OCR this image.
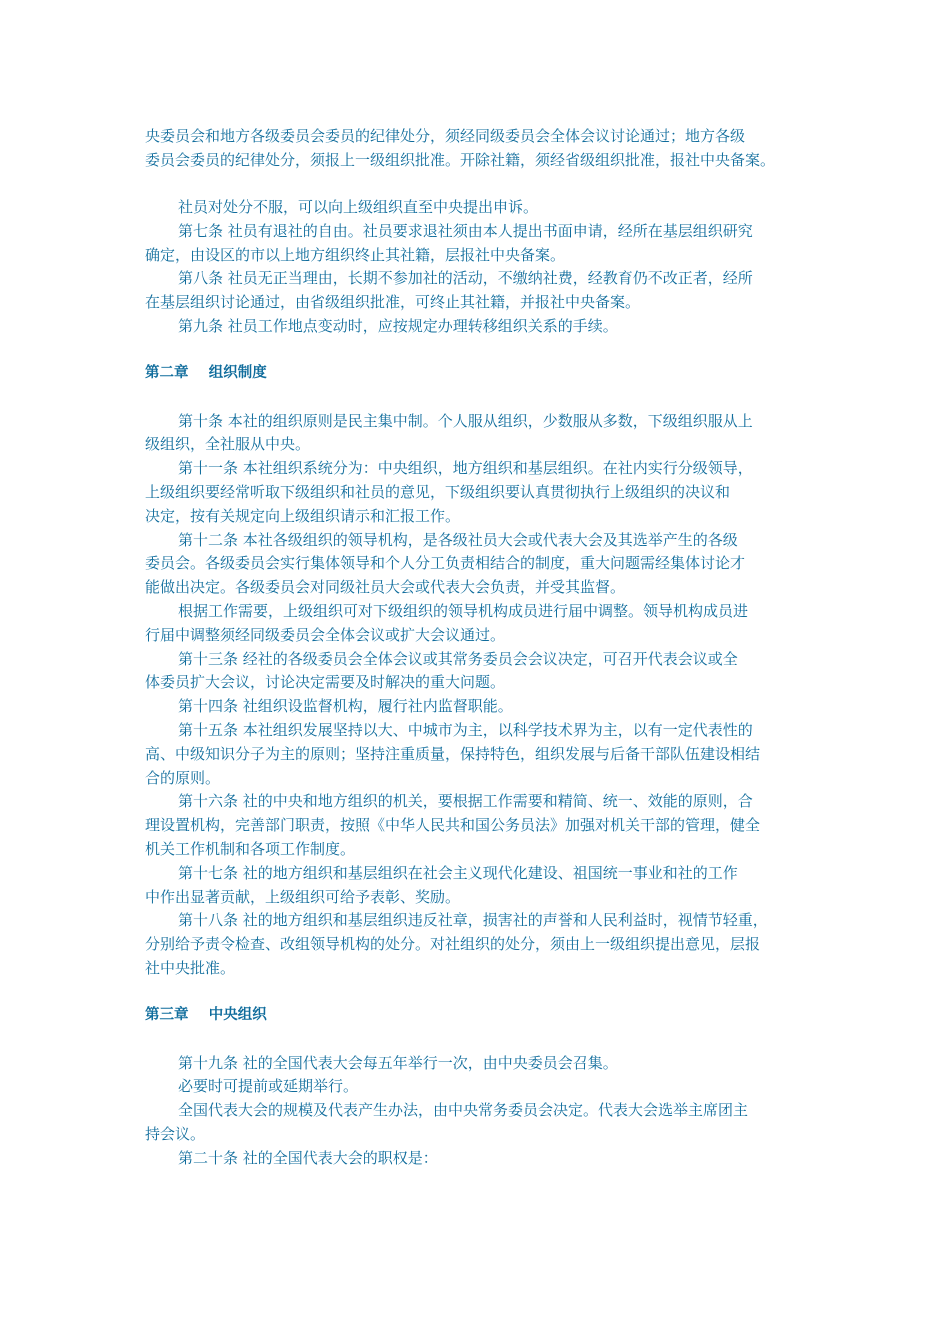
央委员会和地方各级委员会委员的纪律处分，须经同级委员会全体会议讨论通过；地方各级
委员会委员的纪律处分，须报上一级组织批准。开除社籍，须经省级组织批准，报社中央备案。
社员对处分不服，可以向上级组织直至中央提出申诉。
第七条 社员有退社的自由。社员要求退社须由本人提出书面申请，经所在基层组织研究
确定，由设区的市以上地方组织终止其社籍，层报社中央备案。
第八条 社员无正当理由，长期不参加社的活动，不缴纳社费，经教育仍不改正者，经所
在基层组织讨论通过，由省级组织批准，可终止其社籍，并报社中央备案。
第九条 社员工作地点变动时，应按规定办理转移组织关系的手续。
第二章    组织制度
第十条 本社的组织原则是民主集中制。个人服从组织，少数服从多数，下级组织服从上
级组织，全社服从中央。
第十一条 本社组织系统分为：中央组织，地方组织和基层组织。在社内实行分级领导，
上级组织要经常听取下级组织和社员的意见，下级组织要认真贯彻执行上级组织的决议和
决定，按有关规定向上级组织请示和汇报工作。
第十二条 本社各级组织的领导机构，是各级社员大会或代表大会及其选举产生的各级
委员会。各级委员会实行集体领导和个人分工负责相结合的制度，重大问题需经集体讨论才
能做出决定。各级委员会对同级社员大会或代表大会负责，并受其监督。
根据工作需要，上级组织可对下级组织的领导机构成员进行届中调整。领导机构成员进
行届中调整须经同级委员会全体会议或扩大会议通过。
第十三条 经社的各级委员会全体会议或其常务委员会会议决定，可召开代表会议或全
体委员扩大会议，讨论决定需要及时解决的重大问题。
第十四条 社组织设监督机构，履行社内监督职能。
第十五条 本社组织发展坚持以大、中城市为主，以科学技术界为主，以有一定代表性的
高、中级知识分子为主的原则；坚持注重质量，保持特色，组织发展与后备干部队伍建设相结
合的原则。
第十六条 社的中央和地方组织的机关，要根据工作需要和精简、统一、效能的原则，合
理设置机构，完善部门职责，按照《中华人民共和国公务员法》加强对机关干部的管理，健全
机关工作机制和各项工作制度。
第十七条 社的地方组织和基层组织在社会主义现代化建设、祖国统一事业和社的工作
中作出显著贡献，上级组织可给予表彰、奖励。
第十八条 社的地方组织和基层组织违反社章，损害社的声誉和人民利益时，视情节轻重，
分别给予责令检查、改组领导机构的处分。对社组织的处分，须由上一级组织提出意见，层报
社中央批准。
第三章    中央组织
第十九条 社的全国代表大会每五年举行一次，由中央委员会召集。
必要时可提前或延期举行。
全国代表大会的规模及代表产生办法，由中央常务委员会决定。代表大会选举主席团主
持会议。
第二十条 社的全国代表大会的职权是：
